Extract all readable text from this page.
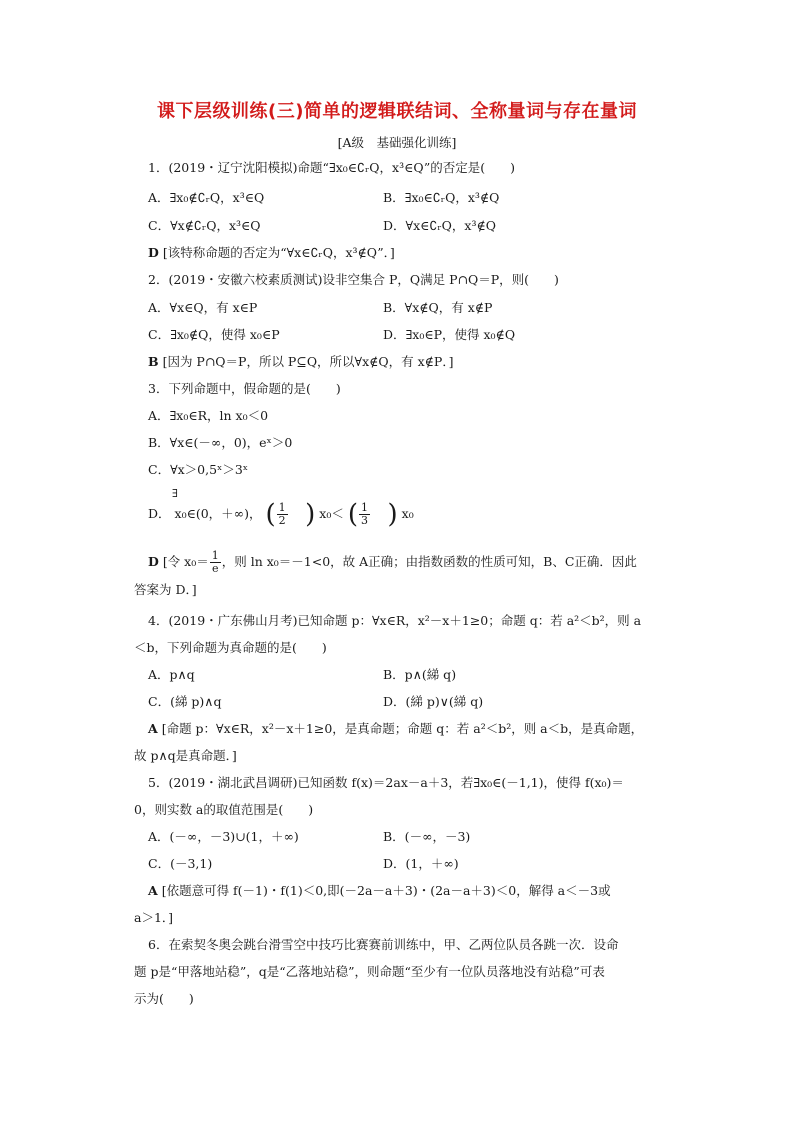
课下层级训练(三)简单的逻辑联结词、全称量词与存在量词
[A级　基础强化训练]
1．(2019・辽宁沈阳模拟)命题“∃x₀∈∁ᵣQ，x³∈Q”的否定是(　　)
A．∃x₀∉∁ᵣQ，x³∈Q	B．∃x₀∈∁ᵣQ，x³∉Q
C．∀x∉∁ᵣQ，x³∈Q	D．∀x∈∁ᵣQ，x³∉Q
D [该特称命题的否定为“∀x∈∁ᵣQ，x³∉Q”．]
2．(2019・安徽六校素质测试)设非空集合 P，Q满足 P∩Q＝P，则(　　)
A．∀x∈Q，有 x∈P	B．∀x∉Q，有 x∉P
C．∃x₀∉Q，使得 x₀∈P	D．∃x₀∈P，使得 x₀∉Q
B [因为 P∩Q＝P，所以 P⊆Q，所以∀x∉Q，有 x∉P．]
3．下列命题中，假命题的是(　　)
A．∃x₀∈R，ln x₀＜0
B．∀x∈(－∞，0)，eˣ＞0
C．∀x＞0,5ˣ＞3ˣ
∃
D． x₀∈(0，＋∞)， ( $\frac{1}{2}$ ) x₀＜ ( $\frac{1}{3}$ ) x₀
D [令 $x_0= \frac{1}{e}$ ，则 ln x₀＝－1<0，故 A正确；由指数函数的性质可知，B、C正确．因此
答案为 D．]
4．(2019・广东佛山月考)已知命题 p：∀x∈R，x²－x＋1≥0；命题 q：若 a²＜b²，则 a
＜b，下列命题为真命题的是(　　)
A．p∧q	B．p∧(綈 q)
C．(綈 p)∧q	D．(綈 p)∨(綈 q)
A [命题 p：∀x∈R，x²－x＋1≥0，是真命题；命题 q：若 a²＜b²，则 a＜b，是真命题，
故 p∧q是真命题．]
5．(2019・湖北武昌调研)已知函数 f(x)＝2ax－a＋3，若∃x₀∈(－1,1)，使得 f(x₀)＝
0，则实数 a的取值范围是(　　)
A．(－∞，－3)∪(1，＋∞)	B．(－∞，－3)
C．(－3,1)	D．(1，＋∞)
A [依题意可得 f(－1)・f(1)＜0,即(－2a－a＋3)・(2a－a＋3)＜0，解得 a＜－3或
a＞1．]
6．在索契冬奥会跳台滑雪空中技巧比赛赛前训练中，甲、乙两位队员各跳一次．设命
题 p是“甲落地站稳”，q是“乙落地站稳”，则命题“至少有一位队员落地没有站稳”可表
示为(　　)
